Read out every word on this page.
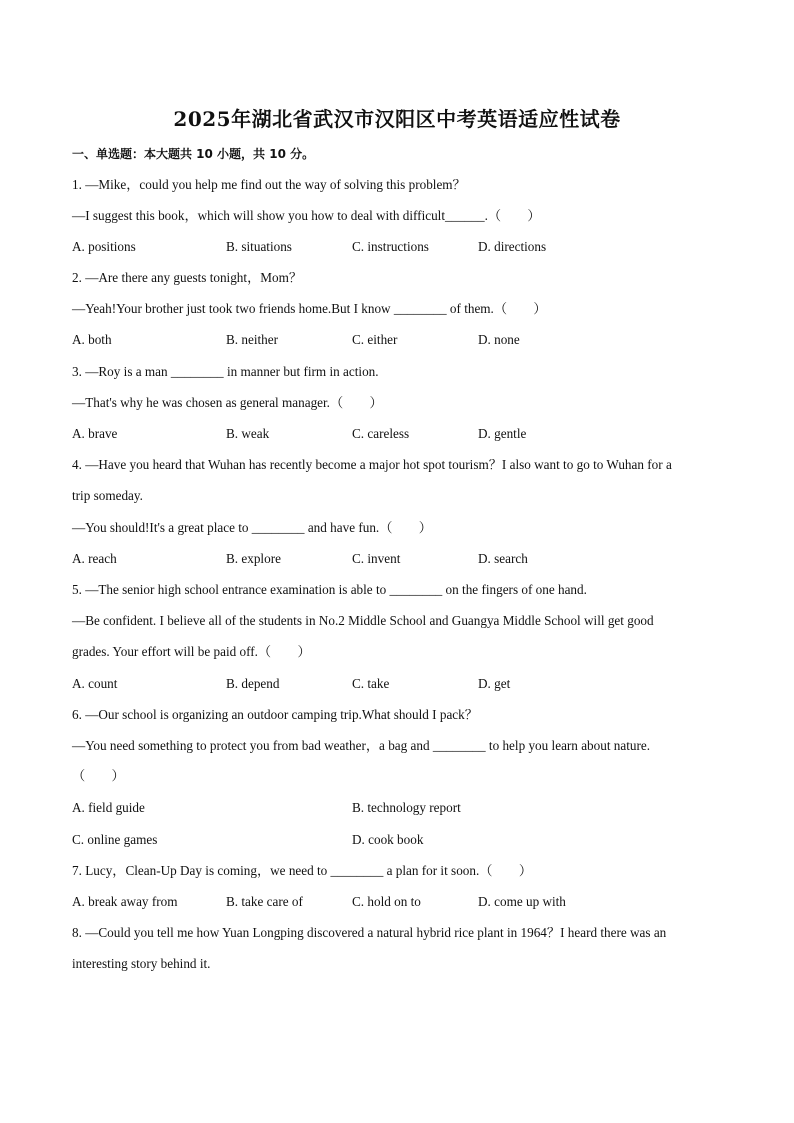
2025年湖北省武汉市汉阳区中考英语适应性试卷
一、单选题：本大题共 10 小题，共 10 分。
1. —Mike，could you help me find out the way of solving this problem？
—I suggest this book，which will show you how to deal with difficult______.（　　）
A. positions	B. situations	C. instructions	D. directions
2. —Are there any guests tonight，Mom？
—Yeah!Your brother just took two friends home.But I know ________ of them.（　　）
A. both	B. neither	C. either	D. none
3. —Roy is a man ________ in manner but firm in action.
—That's why he was chosen as general manager.（　　）
A. brave	B. weak	C. careless	D. gentle
4. —Have you heard that Wuhan has recently become a major hot spot tourism？I also want to go to Wuhan for a
trip someday.
—You should!It's a great place to ________ and have fun.（　　）
A. reach	B. explore	C. invent	D. search
5. —The senior high school entrance examination is able to ________ on the fingers of one hand.
—Be confident. I believe all of the students in No.2 Middle School and Guangya Middle School will get good
grades. Your effort will be paid off.（　　）
A. count	B. depend	C. take	D. get
6. —Our school is organizing an outdoor camping trip.What should I pack？
—You need something to protect you from bad weather，a bag and ________ to help you learn about nature.
（　　）
A. field guide	B. technology report
C. online games	D. cook book
7. Lucy，Clean-Up Day is coming，we need to ________ a plan for it soon.（　　）
A. break away from	B. take care of	C. hold on to	D. come up with
8. —Could you tell me how Yuan Longping discovered a natural hybrid rice plant in 1964？I heard there was an
interesting story behind it.
